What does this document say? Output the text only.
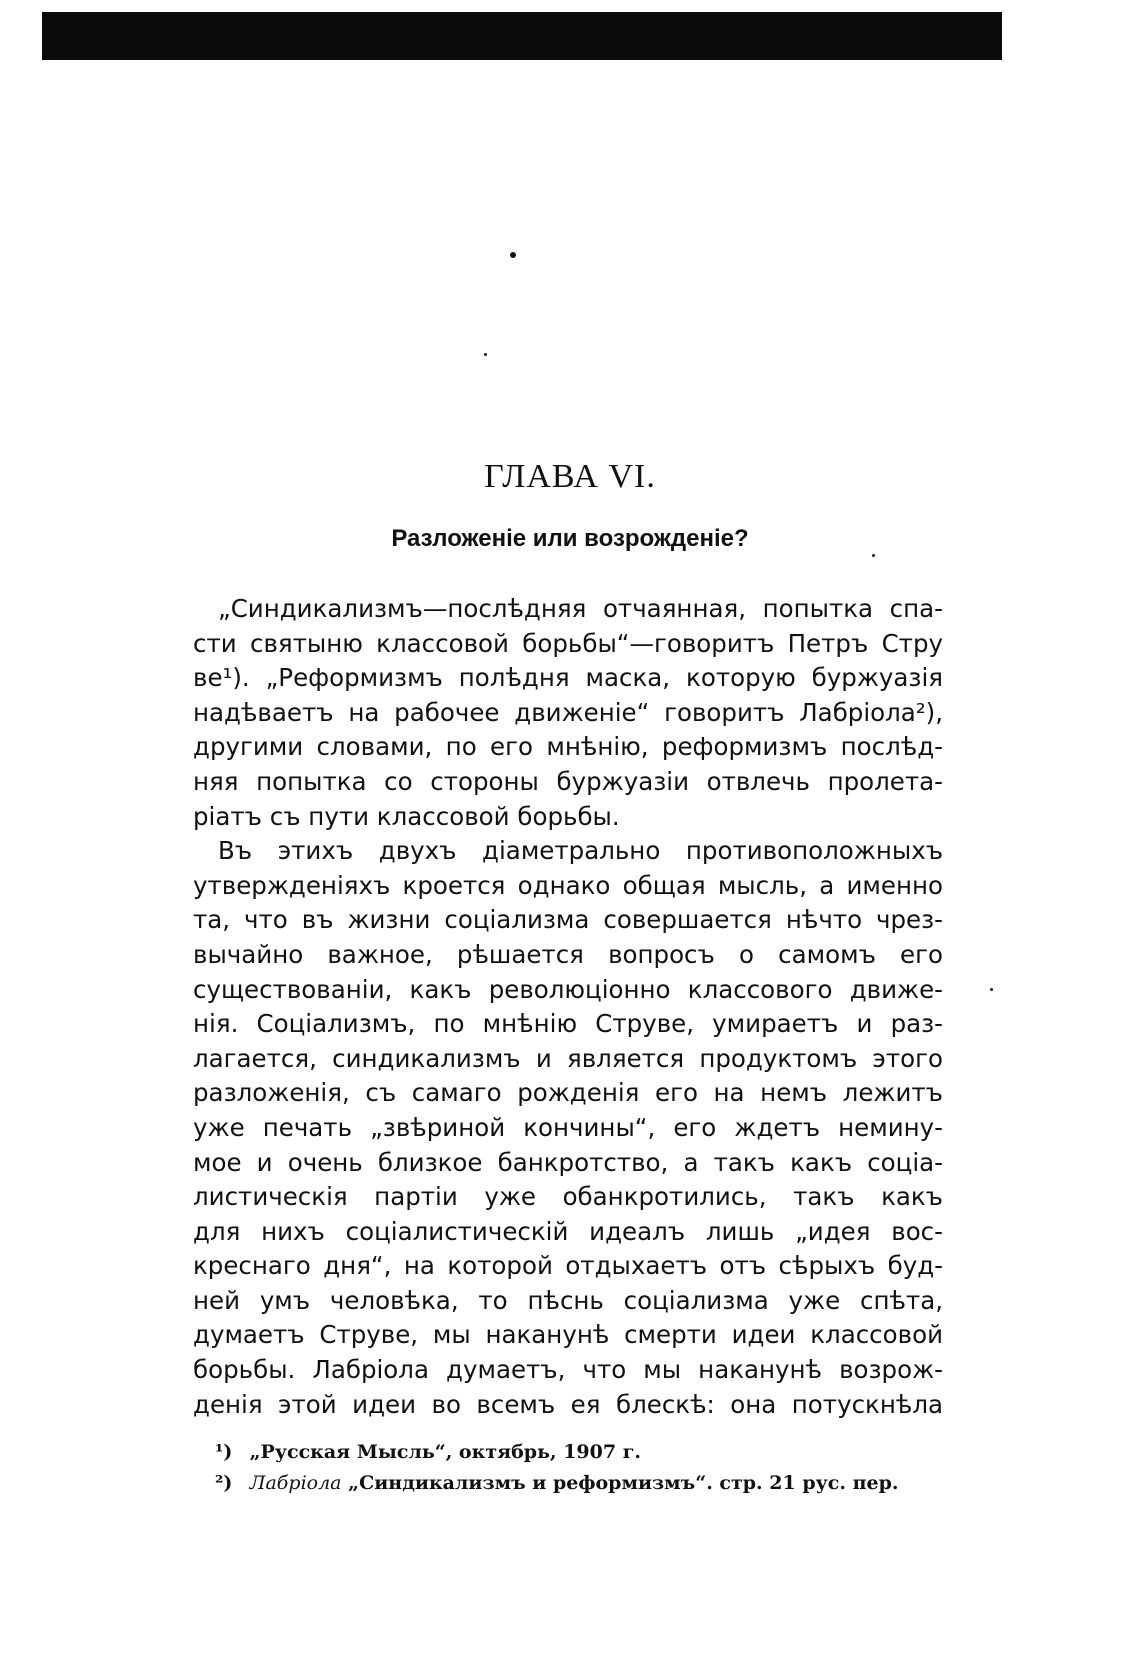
ГЛАВА VI.
Разложеніе или возрожденіе?
„Синдикализмъ—послѣдняя отчаянная, попытка спа-
сти святыню классовой борьбы“—говоритъ Петръ Стру
ве¹). „Реформизмъ полѣдня маска, которую буржуазія
надѣваетъ на рабочее движеніе“ говоритъ Лабріола²),
другими словами, по его мнѣнію, реформизмъ послѣд-
няя попытка со стороны буржуазіи отвлечь пролета-
ріатъ съ пути классовой борьбы.
Въ этихъ двухъ діаметрально противоположныхъ
утвержденіяхъ кроется однако общая мысль, а именно
та, что въ жизни соціализма совершается нѣчто чрез-
вычайно важное, рѣшается вопросъ о самомъ его
существованіи, какъ революціонно классового движе-
нія. Соціализмъ, по мнѣнію Струве, умираетъ и раз-
лагается, синдикализмъ и является продуктомъ этого
разложенія, съ самаго рожденія его на немъ лежитъ
уже печать „звѣриной кончины“, его ждетъ немину-
мое и очень близкое банкротство, а такъ какъ соціа-
листическія партіи уже обанкротились, такъ какъ
для нихъ соціалистическій идеалъ лишь „идея вос-
креснаго дня“, на которой отдыхаетъ отъ сѣрыхъ буд-
ней умъ человѣка, то пѣснь соціализма уже спѣта,
думаетъ Струве, мы наканунѣ смерти идеи классовой
борьбы. Лабріола думаетъ, что мы наканунѣ возрож-
денія этой идеи во всемъ ея блескѣ: она потускнѣла
¹) „Русская Мысль“, октябрь, 1907 г.
²) Лабріола „Синдикализмъ и реформизмъ“. стр. 21 рус. пер.
